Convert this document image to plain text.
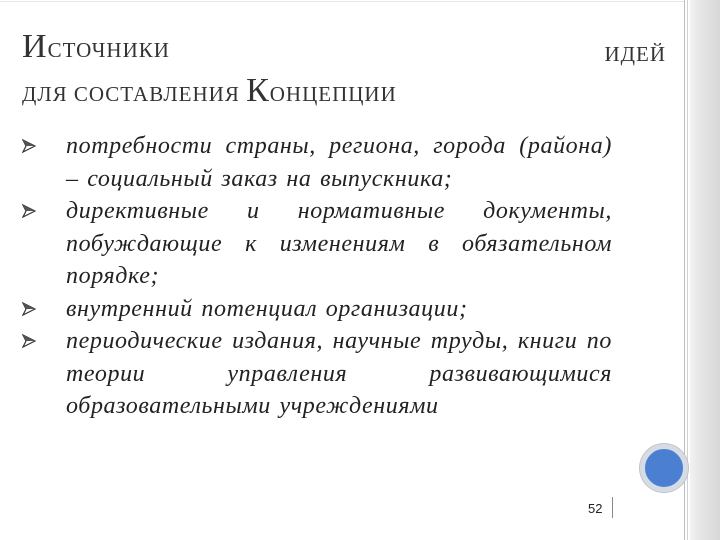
ИСТОЧНИКИ	ИДЕЙ
ДЛЯ СОСТАВЛЕНИЯ КОНЦЕПЦИИ
потребности страны, региона, города (района) – социальный заказ на выпускника;
директивные и нормативные документы, побуждающие к изменениям в обязательном порядке;
внутренний потенциал организации;
периодические издания, научные труды, книги по теории управления развивающимися образовательными учреждениями
52
